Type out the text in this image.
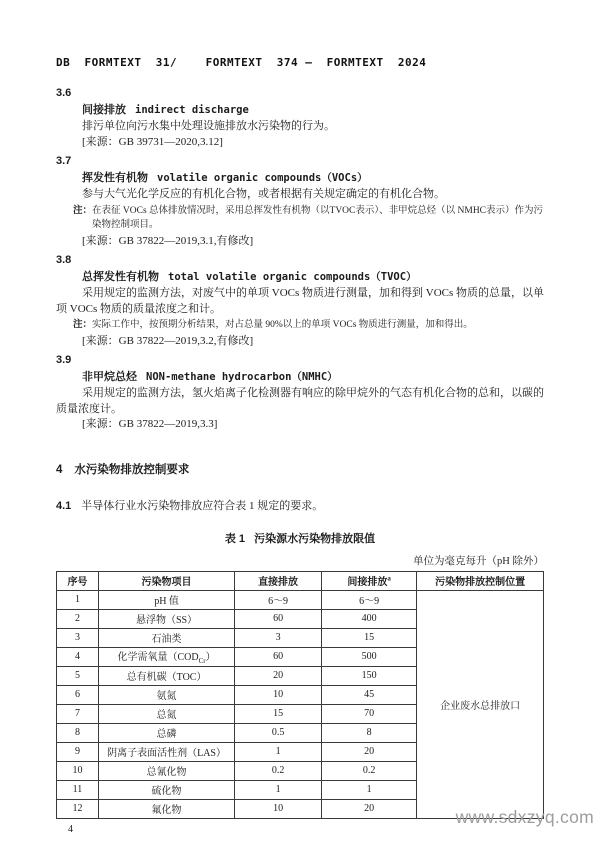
DB  FORMTEXT  31/    FORMTEXT  374 —  FORMTEXT  2024
3.6
间接排放 indirect discharge

排污单位向污水集中处理设施排放水污染物的行为。

[来源：GB 39731—2020,3.12]
3.7
挥发性有机物 volatile organic compounds（VOCs）

参与大气光化学反应的有机化合物，或者根据有关规定确定的有机化合物。

注：在表征 VOCs 总体排放情况时，采用总挥发性有机物（以TVOC表示）、非甲烷总烃（以 NMHC表示）作为污染物控制项目。

[来源：GB 37822—2019,3.1,有修改]
3.8
总挥发性有机物 total volatile organic compounds（TVOC）

采用规定的监测方法，对废气中的单项 VOCs 物质进行测量，加和得到 VOCs 物质的总量，以单项 VOCs 物质的质量浓度之和计。

注：实际工作中，按预期分析结果，对占总量 90%以上的单项 VOCs 物质进行测量，加和得出。

[来源：GB 37822—2019,3.2,有修改]
3.9
非甲烷总烃 NON-methane hydrocarbon（NMHC）

采用规定的监测方法，氢火焰离子化检测器有响应的除甲烷外的气态有机化合物的总和，以碳的质量浓度计。

[来源：GB 37822—2019,3.3]
4 水污染物排放控制要求
4.1 半导体行业水污染物排放应符合表 1 规定的要求。
表 1   污染源水污染物排放限值
单位为毫克每升（pH 除外）
序号	污染物项目	直接排放	间接排放$^a$	污染物排放控制位置
1	pH 值	6～9	6～9	企业废水总排放口
2	悬浮物（SS）	60	400	
3	石油类	3	15	
4	化学需氧量$(COD_{Cr})$	60	500	
5	总有机碳（TOC）	20	150	
6	氨氮	10	45	
7	总氮	15	70	
8	总磷	0.5	8	
9	阴离子表面活性剂（LAS）	1	20	
10	总氰化物	0.2	0.2	
11	硫化物	1	1	
12	氟化物	10	20	
4
www.sdxzyq.com
